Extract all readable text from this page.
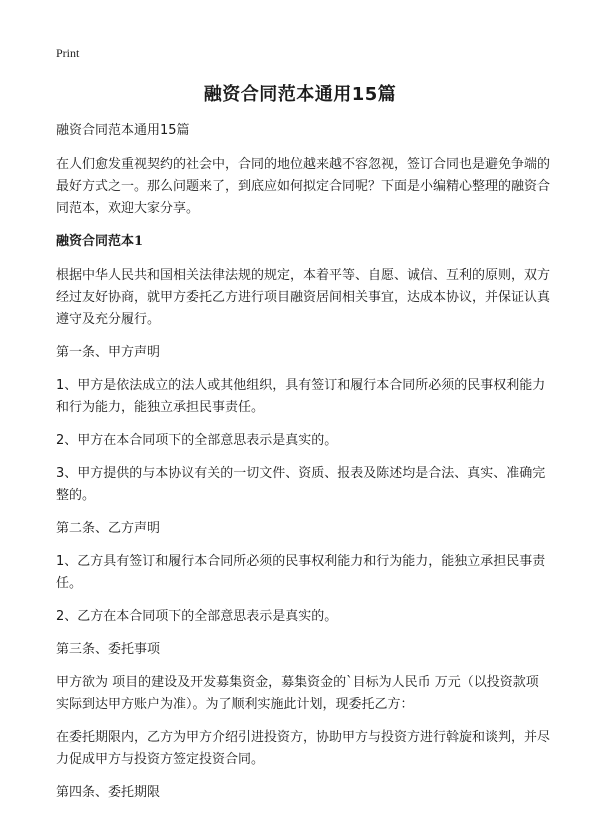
Print

融资合同范本通用15篇

融资合同范本通用15篇

在人们愈发重视契约的社会中，合同的地位越来越不容忽视，签订合同也是避免争端的最好方式之一。那么问题来了，到底应如何拟定合同呢？下面是小编精心整理的融资合同范本，欢迎大家分享。

融资合同范本1

根据中华人民共和国相关法律法规的规定，本着平等、自愿、诚信、互利的原则，双方经过友好协商，就甲方委托乙方进行项目融资居间相关事宜，达成本协议，并保证认真遵守及充分履行。

第一条、甲方声明

1、甲方是依法成立的法人或其他组织，具有签订和履行本合同所必须的民事权利能力和行为能力，能独立承担民事责任。

2、甲方在本合同项下的全部意思表示是真实的。

3、甲方提供的与本协议有关的一切文件、资质、报表及陈述均是合法、真实、准确完整的。

第二条、乙方声明

1、乙方具有签订和履行本合同所必须的民事权利能力和行为能力，能独立承担民事责任。

2、乙方在本合同项下的全部意思表示是真实的。

第三条、委托事项

甲方欲为 项目的建设及开发募集资金，募集资金的`目标为人民币 万元（以投资款项实际到达甲方账户为准）。为了顺利实施此计划，现委托乙方：

在委托期限内，乙方为甲方介绍引进投资方，协助甲方与投资方进行斡旋和谈判，并尽力促成甲方与投资方签定投资合同。

第四条、委托期限
